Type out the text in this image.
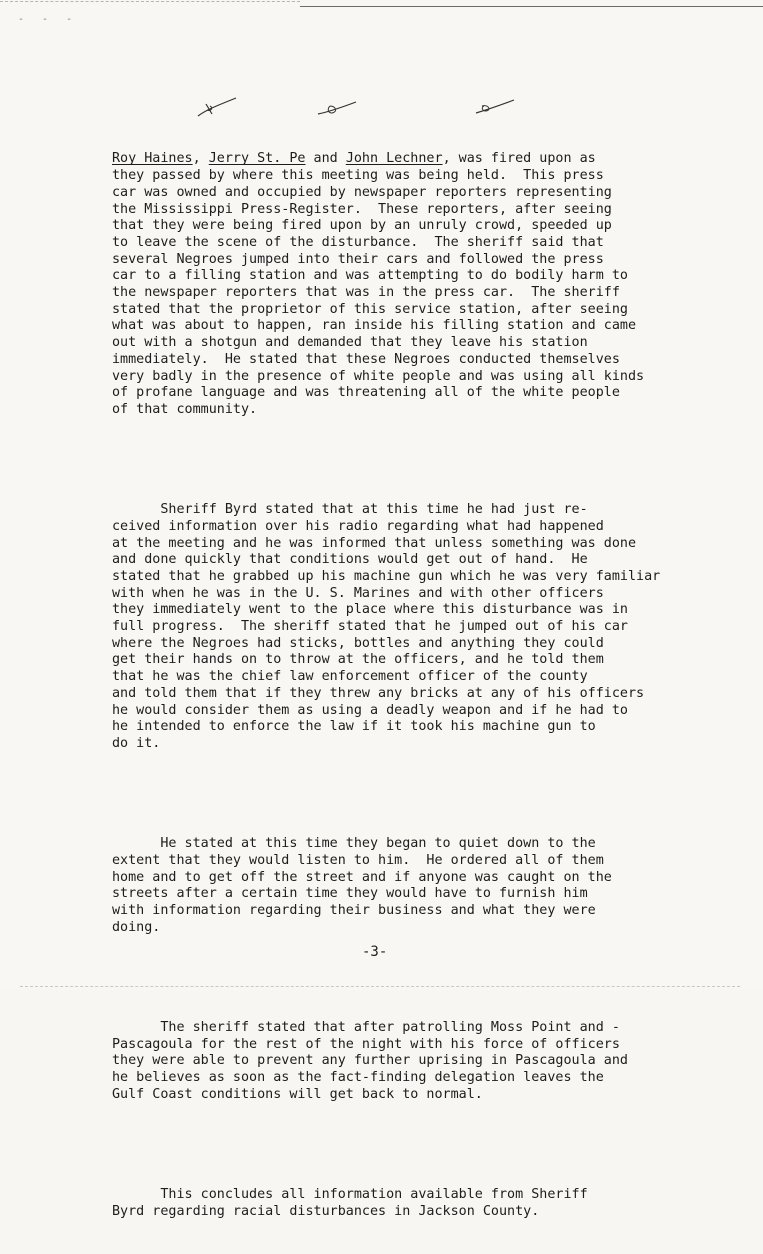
- - -

Roy Haines, Jerry St. Pe and John Lechner, was fired upon as
they passed by where this meeting was being held.  This press
car was owned and occupied by newspaper reporters representing
the Mississippi Press-Register.  These reporters, after seeing
that they were being fired upon by an unruly crowd, speeded up
to leave the scene of the disturbance.  The sheriff said that
several Negroes jumped into their cars and followed the press
car to a filling station and was attempting to do bodily harm to
the newspaper reporters that was in the press car.  The sheriff
stated that the proprietor of this service station, after seeing
what was about to happen, ran inside his filling station and came
out with a shotgun and demanded that they leave his station
immediately.  He stated that these Negroes conducted themselves
very badly in the presence of white people and was using all kinds
of profane language and was threatening all of the white people
of that community.

Sheriff Byrd stated that at this time he had just re-
ceived information over his radio regarding what had happened
at the meeting and he was informed that unless something was done
and done quickly that conditions would get out of hand.  He
stated that he grabbed up his machine gun which he was very familiar
with when he was in the U. S. Marines and with other officers
they immediately went to the place where this disturbance was in
full progress.  The sheriff stated that he jumped out of his car
where the Negroes had sticks, bottles and anything they could
get their hands on to throw at the officers, and he told them
that he was the chief law enforcement officer of the county
and told them that if they threw any bricks at any of his officers
he would consider them as using a deadly weapon and if he had to
he intended to enforce the law if it took his machine gun to
do it.

He stated at this time they began to quiet down to the
extent that they would listen to him.  He ordered all of them
home and to get off the street and if anyone was caught on the
streets after a certain time they would have to furnish him
with information regarding their business and what they were
doing.

The sheriff stated that after patrolling Moss Point and -
Pascagoula for the rest of the night with his force of officers
they were able to prevent any further uprising in Pascagoula and
he believes as soon as the fact-finding delegation leaves the
Gulf Coast conditions will get back to normal.

This concludes all information available from Sheriff
Byrd regarding racial disturbances in Jackson County.

-3-
